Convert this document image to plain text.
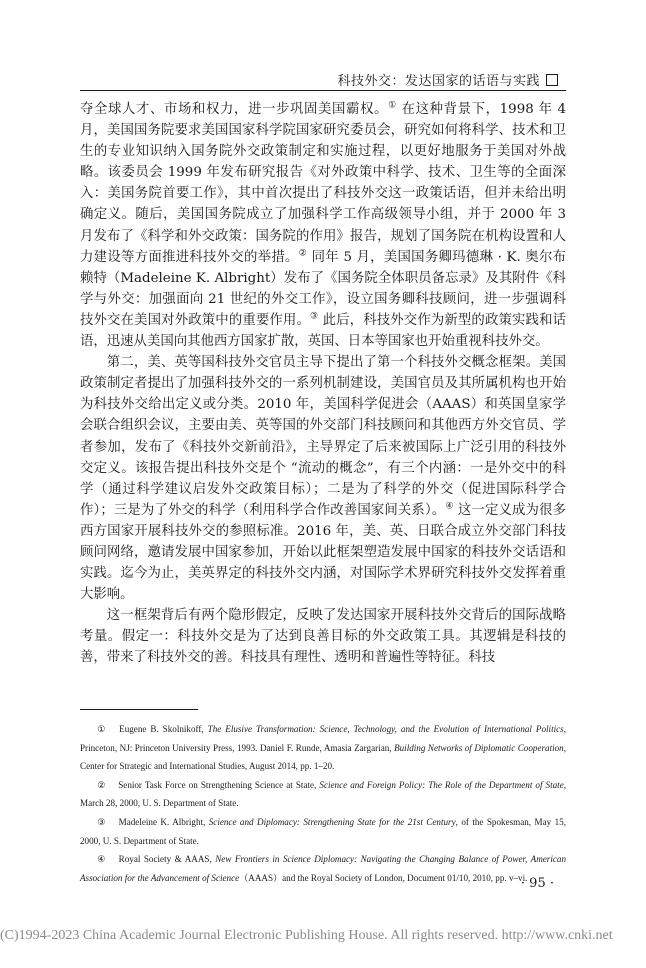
科技外交：发达国家的话语与实践

夺全球人才、市场和权力，进一步巩固美国霸权。① 在这种背景下，1998 年 4 月，美国国务院要求美国国家科学院国家研究委员会，研究如何将科学、技术和卫生的专业知识纳入国务院外交政策制定和实施过程，以更好地服务于美国对外战略。该委员会 1999 年发布研究报告《对外政策中科学、技术、卫生等的全面深入：美国务院首要工作》，其中首次提出了科技外交这一政策话语，但并未给出明确定义。随后，美国国务院成立了加强科学工作高级领导小组，并于 2000 年 3 月发布了《科学和外交政策：国务院的作用》报告，规划了国务院在机构设置和人力建设等方面推进科技外交的举措。② 同年 5 月，美国国务卿玛德琳 · K. 奥尔布赖特（Madeleine K. Albright）发布了《国务院全体职员备忘录》及其附件《科学与外交：加强面向 21 世纪的外交工作》，设立国务卿科技顾问，进一步强调科技外交在美国对外政策中的重要作用。③ 此后，科技外交作为新型的政策实践和话语，迅速从美国向其他西方国家扩散，英国、日本等国家也开始重视科技外交。

第二，美、英等国科技外交官员主导下提出了第一个科技外交概念框架。美国政策制定者提出了加强科技外交的一系列机制建设，美国官员及其所属机构也开始为科技外交给出定义或分类。2010 年，美国科学促进会（AAAS）和英国皇家学会联合组织会议，主要由美、英等国的外交部门科技顾问和其他西方外交官员、学者参加，发布了《科技外交新前沿》，主导界定了后来被国际上广泛引用的科技外交定义。该报告提出科技外交是个 “流动的概念”，有三个内涵：一是外交中的科学（通过科学建议启发外交政策目标）；二是为了科学的外交（促进国际科学合作）；三是为了外交的科学（利用科学合作改善国家间关系）。④ 这一定义成为很多西方国家开展科技外交的参照标准。2016 年，美、英、日联合成立外交部门科技顾问网络，邀请发展中国家参加，开始以此框架塑造发展中国家的科技外交话语和实践。迄今为止，美英界定的科技外交内涵，对国际学术界研究科技外交发挥着重大影响。

这一框架背后有两个隐形假定，反映了发达国家开展科技外交背后的国际战略考量。假定一：科技外交是为了达到良善目标的外交政策工具。其逻辑是科技的善，带来了科技外交的善。科技具有理性、透明和普遍性等特征。科技

① Eugene B. Skolnikoff, The Elusive Transformation: Science, Technology, and the Evolution of International Politics, Princeton, NJ: Princeton University Press, 1993. Daniel F. Runde, Amasia Zargarian, Building Networks of Diplomatic Cooperation, Center for Strategic and International Studies, August 2014, pp. 1–20.

② Senior Task Force on Strengthening Science at State, Science and Foreign Policy: The Role of the Department of State, March 28, 2000, U. S. Department of State.

③ Madeleine K. Albright, Science and Diplomacy: Strengthening State for the 21st Century, of the Spokesman, May 15, 2000, U. S. Department of State.

④ Royal Society & AAAS, New Frontiers in Science Diplomacy: Navigating the Changing Balance of Power, American Association for the Advancement of Science（AAAS）and the Royal Society of London, Document 01/10, 2010, pp. v–vi.

· 95 ·
(C)1994-2023 China Academic Journal Electronic Publishing House. All rights reserved. http://www.cnki.net
